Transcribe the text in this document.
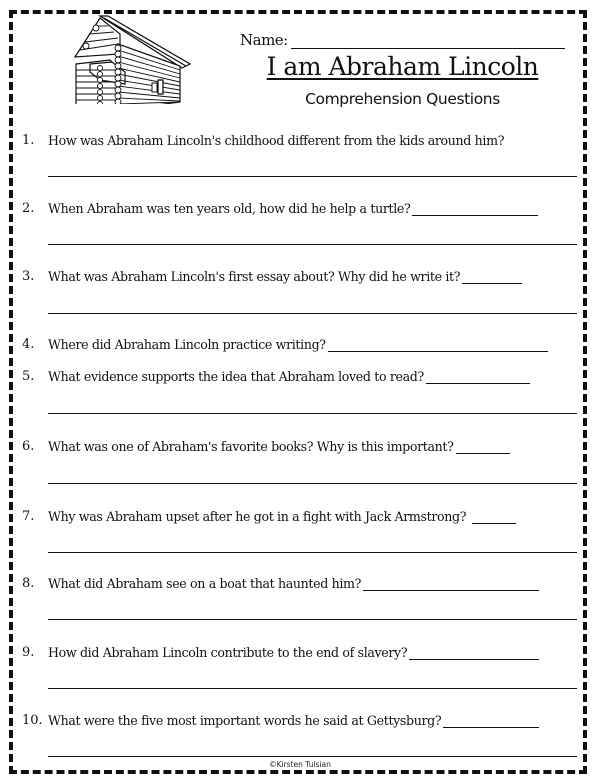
Name:
I am Abraham Lincoln
Comprehension Questions
1.	How was Abraham Lincoln's childhood different from the kids around him?
2.	When Abraham was ten years old, how did he help a turtle?
3.	What was Abraham Lincoln's first essay about? Why did he write it?
4.	Where did Abraham Lincoln practice writing?
5.	What evidence supports the idea that Abraham loved to read?
6.	What was one of Abraham's favorite books? Why is this important?
7.	Why was Abraham upset after he got in a fight with Jack Armstrong?
8.	What did Abraham see on a boat that haunted him?
9.	How did Abraham Lincoln contribute to the end of slavery?
10. What were the five most important words he said at Gettysburg?
©Kirsten Tulsian
